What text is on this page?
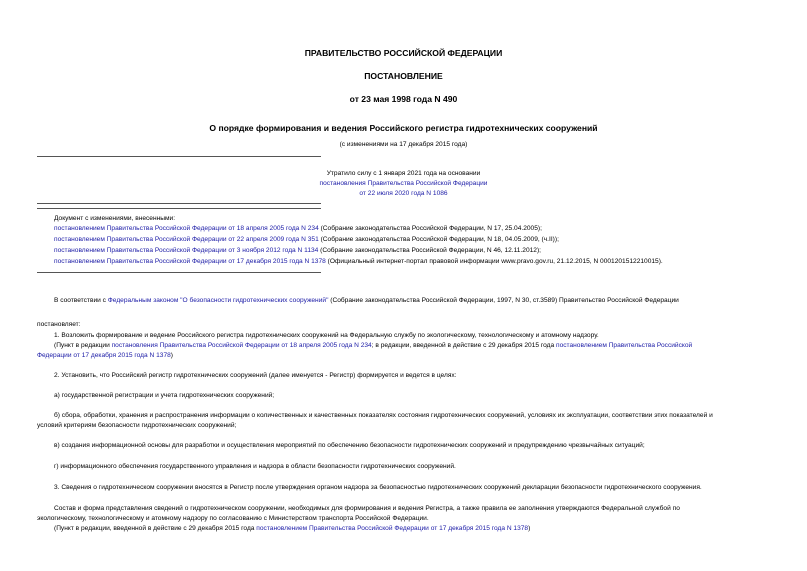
ПРАВИТЕЛЬСТВО РОССИЙСКОЙ ФЕДЕРАЦИИ
ПОСТАНОВЛЕНИЕ
от 23 мая 1998 года N 490
О порядке формирования и ведения Российского регистра гидротехнических сооружений
(с изменениями на 17 декабря 2015 года)
Утратило силу с 1 января 2021 года на основании
постановления Правительства Российской Федерации
от 22 июля 2020 года N 1086
Документ с изменениями, внесенными:
постановлением Правительства Российской Федерации от 18 апреля 2005 года N 234 (Собрание законодательства Российской Федерации, N 17, 25.04.2005);
постановлением Правительства Российской Федерации от 22 апреля 2009 года N 351 (Собрание законодательства Российской Федерации, N 18, 04.05.2009, (ч.II));
постановлением Правительства Российской Федерации от 3 ноября 2012 года N 1134 (Собрание законодательства Российской Федерации, N 46, 12.11.2012);
постановлением Правительства Российской Федерации от 17 декабря 2015 года N 1378 (Официальный интернет-портал правовой информации www.pravo.gov.ru, 21.12.2015, N 0001201512210015).
В соответствии с Федеральным законом "О безопасности гидротехнических сооружений" (Собрание законодательства Российской Федерации, 1997, N 30, ст.3589) Правительство Российской Федерации
постановляет:
1. Возложить формирование и ведение Российского регистра гидротехнических сооружений на Федеральную службу по экологическому, технологическому и атомному надзору.
(Пункт в редакции постановления Правительства Российской Федерации от 18 апреля 2005 года N 234; в редакции, введенной в действие с 29 декабря 2015 года постановлением Правительства Российской
Федерации от 17 декабря 2015 года N 1378)
2. Установить, что Российский регистр гидротехнических сооружений (далее именуется - Регистр) формируется и ведется в целях:
а) государственной регистрации и учета гидротехнических сооружений;
б) сбора, обработки, хранения и распространения информации о количественных и качественных показателях состояния гидротехнических сооружений, условиях их эксплуатации, соответствии этих показателей и
условий критериям безопасности гидротехнических сооружений;
в) создания информационной основы для разработки и осуществления мероприятий по обеспечению безопасности гидротехнических сооружений и предупреждению чрезвычайных ситуаций;
г) информационного обеспечения государственного управления и надзора в области безопасности гидротехнических сооружений.
3. Сведения о гидротехническом сооружении вносятся в Регистр после утверждения органом надзора за безопасностью гидротехнических сооружений декларации безопасности гидротехнического сооружения.
Состав и форма представления сведений о гидротехническом сооружении, необходимых для формирования и ведения Регистра, а также правила ее заполнения утверждаются Федеральной службой по
экологическому, технологическому и атомному надзору по согласованию с Министерством транспорта Российской Федерации.
(Пункт в редакции, введенной в действие с 29 декабря 2015 года постановлением Правительства Российской Федерации от 17 декабря 2015 года N 1378)
